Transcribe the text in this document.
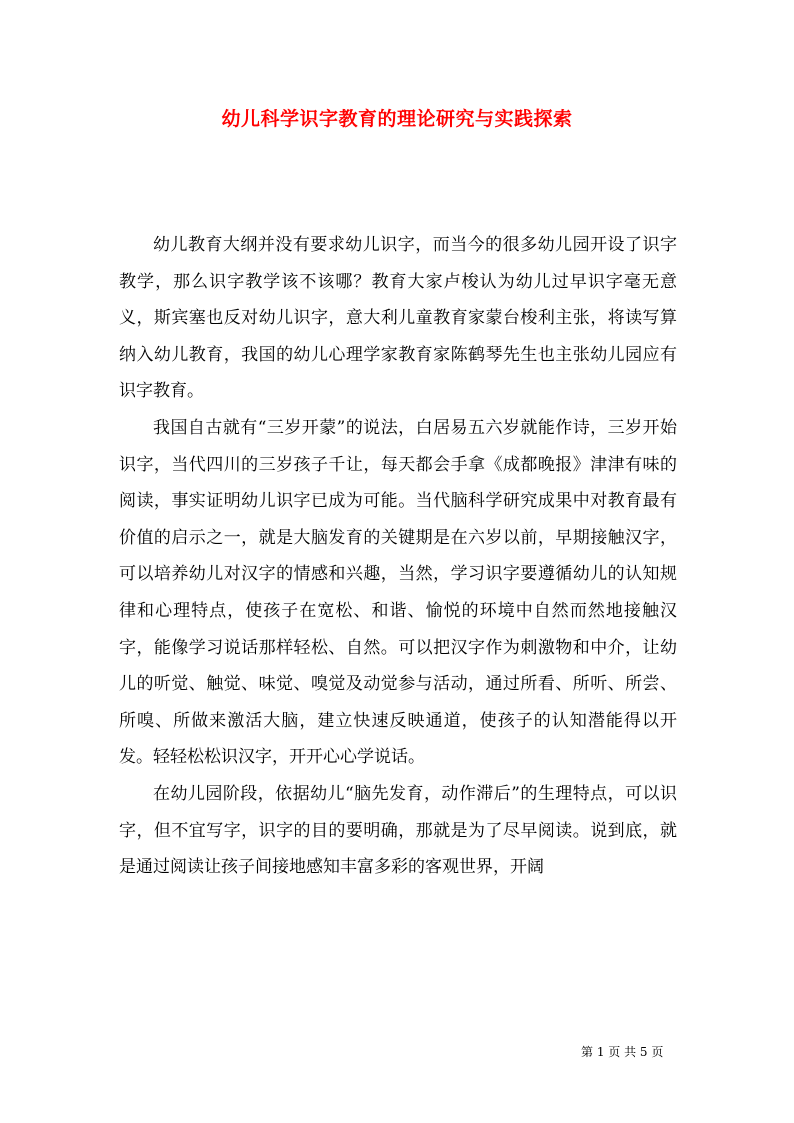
幼儿科学识字教育的理论研究与实践探索

幼儿教育大纲并没有要求幼儿识字，而当今的很多幼儿园开设了识字教学，那么识字教学该不该哪？教育大家卢梭认为幼儿过早识字毫无意义，斯宾塞也反对幼儿识字，意大利儿童教育家蒙台梭利主张，将读写算纳入幼儿教育，我国的幼儿心理学家教育家陈鹤琴先生也主张幼儿园应有识字教育。

我国自古就有“三岁开蒙”的说法，白居易五六岁就能作诗，三岁开始识字，当代四川的三岁孩子千让，每天都会手拿《成都晚报》津津有味的阅读，事实证明幼儿识字已成为可能。当代脑科学研究成果中对教育最有价值的启示之一，就是大脑发育的关键期是在六岁以前，早期接触汉字，可以培养幼儿对汉字的情感和兴趣，当然，学习识字要遵循幼儿的认知规律和心理特点，使孩子在宽松、和谐、愉悦的环境中自然而然地接触汉字，能像学习说话那样轻松、自然。可以把汉字作为刺激物和中介，让幼儿的听觉、触觉、味觉、嗅觉及动觉参与活动，通过所看、所听、所尝、所嗅、所做来激活大脑，建立快速反映通道，使孩子的认知潜能得以开发。轻轻松松识汉字，开开心心学说话。

在幼儿园阶段，依据幼儿“脑先发育，动作滞后”的生理特点，可以识字，但不宜写字，识字的目的要明确，那就是为了尽早阅读。说到底，就是通过阅读让孩子间接地感知丰富多彩的客观世界，开阔

第 1 页 共 5 页
